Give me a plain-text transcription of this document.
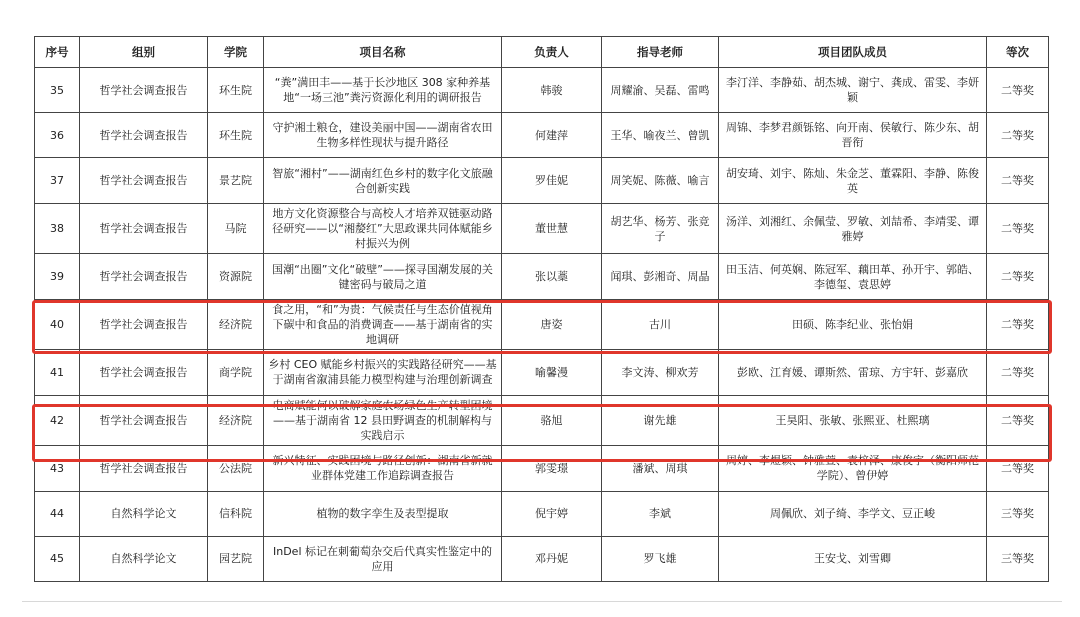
序号	组别	学院	项目名称	负责人	指导老师	项目团队成员	等次
35	哲学社会调查报告	环生院	“粪”满田丰——基于长沙地区 308 家种养基地“一场三池”粪污资源化利用的调研报告	韩骏	周耀渝、吴磊、雷鸣	李汀洋、李静茹、胡杰城、谢宁、龚成、雷雯、李妍颖	二等奖
36	哲学社会调查报告	环生院	守护湘土粮仓，建设美丽中国——湖南省农田生物多样性现状与提升路径	何建萍	王华、喻夜兰、曾凯	周锦、李梦君颜铄铭、向开南、侯敏行、陈少东、胡晋衔	二等奖
37	哲学社会调查报告	景艺院	智旅“湘村”——湖南红色乡村的数字化文旅融合创新实践	罗佳妮	周笑妮、陈薇、喻言	胡安琦、刘宇、陈灿、朱金芝、董霖阳、李静、陈俊英	二等奖
38	哲学社会调查报告	马院	地方文化资源整合与高校人才培养双链驱动路径研究——以“湘嫠红”大思政课共同体赋能乡村振兴为例	董世慧	胡艺华、杨芳、张竞子	汤洋、刘湘红、余佩莹、罗敏、刘喆希、李靖雯、谭雅婷	二等奖
39	哲学社会调查报告	资源院	国潮“出圈”文化“破壁”——探寻国潮发展的关键密码与破局之道	张以藁	闻琪、彭湘奇、周晶	田玉洁、何英娴、陈冠军、藕田革、孙开宇、郭皓、李德玺、袁思婷	二等奖
40	哲学社会调查报告	经济院	食之用，“和”为贵：气候责任与生态价值视角下碳中和食品的消费调查——基于湖南省的实地调研	唐姿	古川	田硕、陈李纪业、张怡娟	二等奖
41	哲学社会调查报告	商学院	乡村 CEO 赋能乡村振兴的实践路径研究——基于湖南省溆浦县能力模型构建与治理创新调查	喻馨漫	李文涛、柳欢芳	彭欧、江育媛、谭斯然、雷琼、方宇轩、彭嘉欣	二等奖
42	哲学社会调查报告	经济院	电商赋能何以破解家庭农场绿色生产转型困境——基于湖南省 12 县田野调查的机制解构与实践启示	骆旭	谢先雄	王昊阳、张敏、张熙亚、杜熙璃	二等奖
43	哲学社会调查报告	公法院	新兴特征、实践困境与路径创新：湖南省新就业群体党建工作追踪调查报告	郭雯璟	潘斌、周琪	周婷、李煜颖、钟雅萱、袁梓泽、康俊宇（衡阳师范学院）、曾伊婷	二等奖
44	自然科学论文	信科院	植物的数字孪生及表型提取	倪宇婷	李斌	周佩欣、刘子绮、李学文、豆正峻	三等奖
45	自然科学论文	园艺院	InDel 标记在刺葡萄杂交后代真实性鉴定中的应用	邓丹妮	罗飞雄	王安戈、刘雪卿	三等奖
